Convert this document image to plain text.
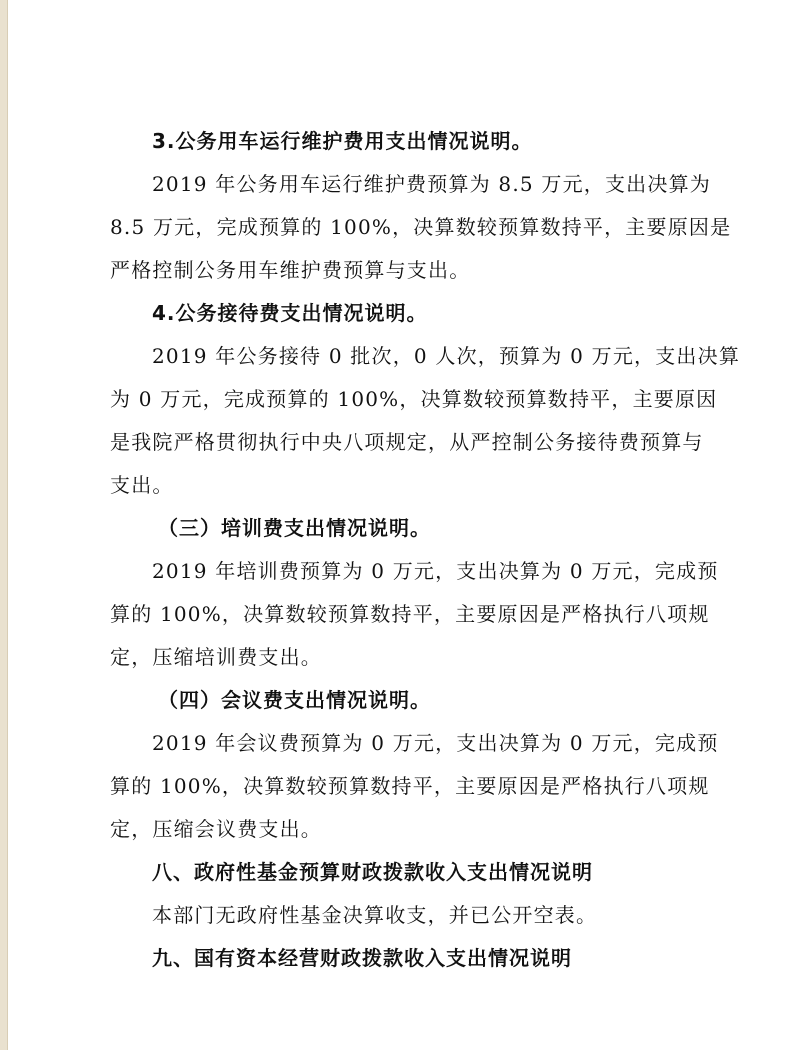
3.公务用车运行维护费用支出情况说明。
2019 年公务用车运行维护费预算为 8.5 万元，支出决算为
8.5 万元，完成预算的 100%，决算数较预算数持平，主要原因是
严格控制公务用车维护费预算与支出。
4.公务接待费支出情况说明。
2019 年公务接待 0 批次，0 人次，预算为 0 万元，支出决算
为 0 万元，完成预算的 100%，决算数较预算数持平，主要原因
是我院严格贯彻执行中央八项规定，从严控制公务接待费预算与
支出。
（三）培训费支出情况说明。
2019 年培训费预算为 0 万元，支出决算为 0 万元，完成预
算的 100%，决算数较预算数持平，主要原因是严格执行八项规
定，压缩培训费支出。
（四）会议费支出情况说明。
2019 年会议费预算为 0 万元，支出决算为 0 万元，完成预
算的 100%，决算数较预算数持平，主要原因是严格执行八项规
定，压缩会议费支出。
八、政府性基金预算财政拨款收入支出情况说明
本部门无政府性基金决算收支，并已公开空表。
九、国有资本经营财政拨款收入支出情况说明
